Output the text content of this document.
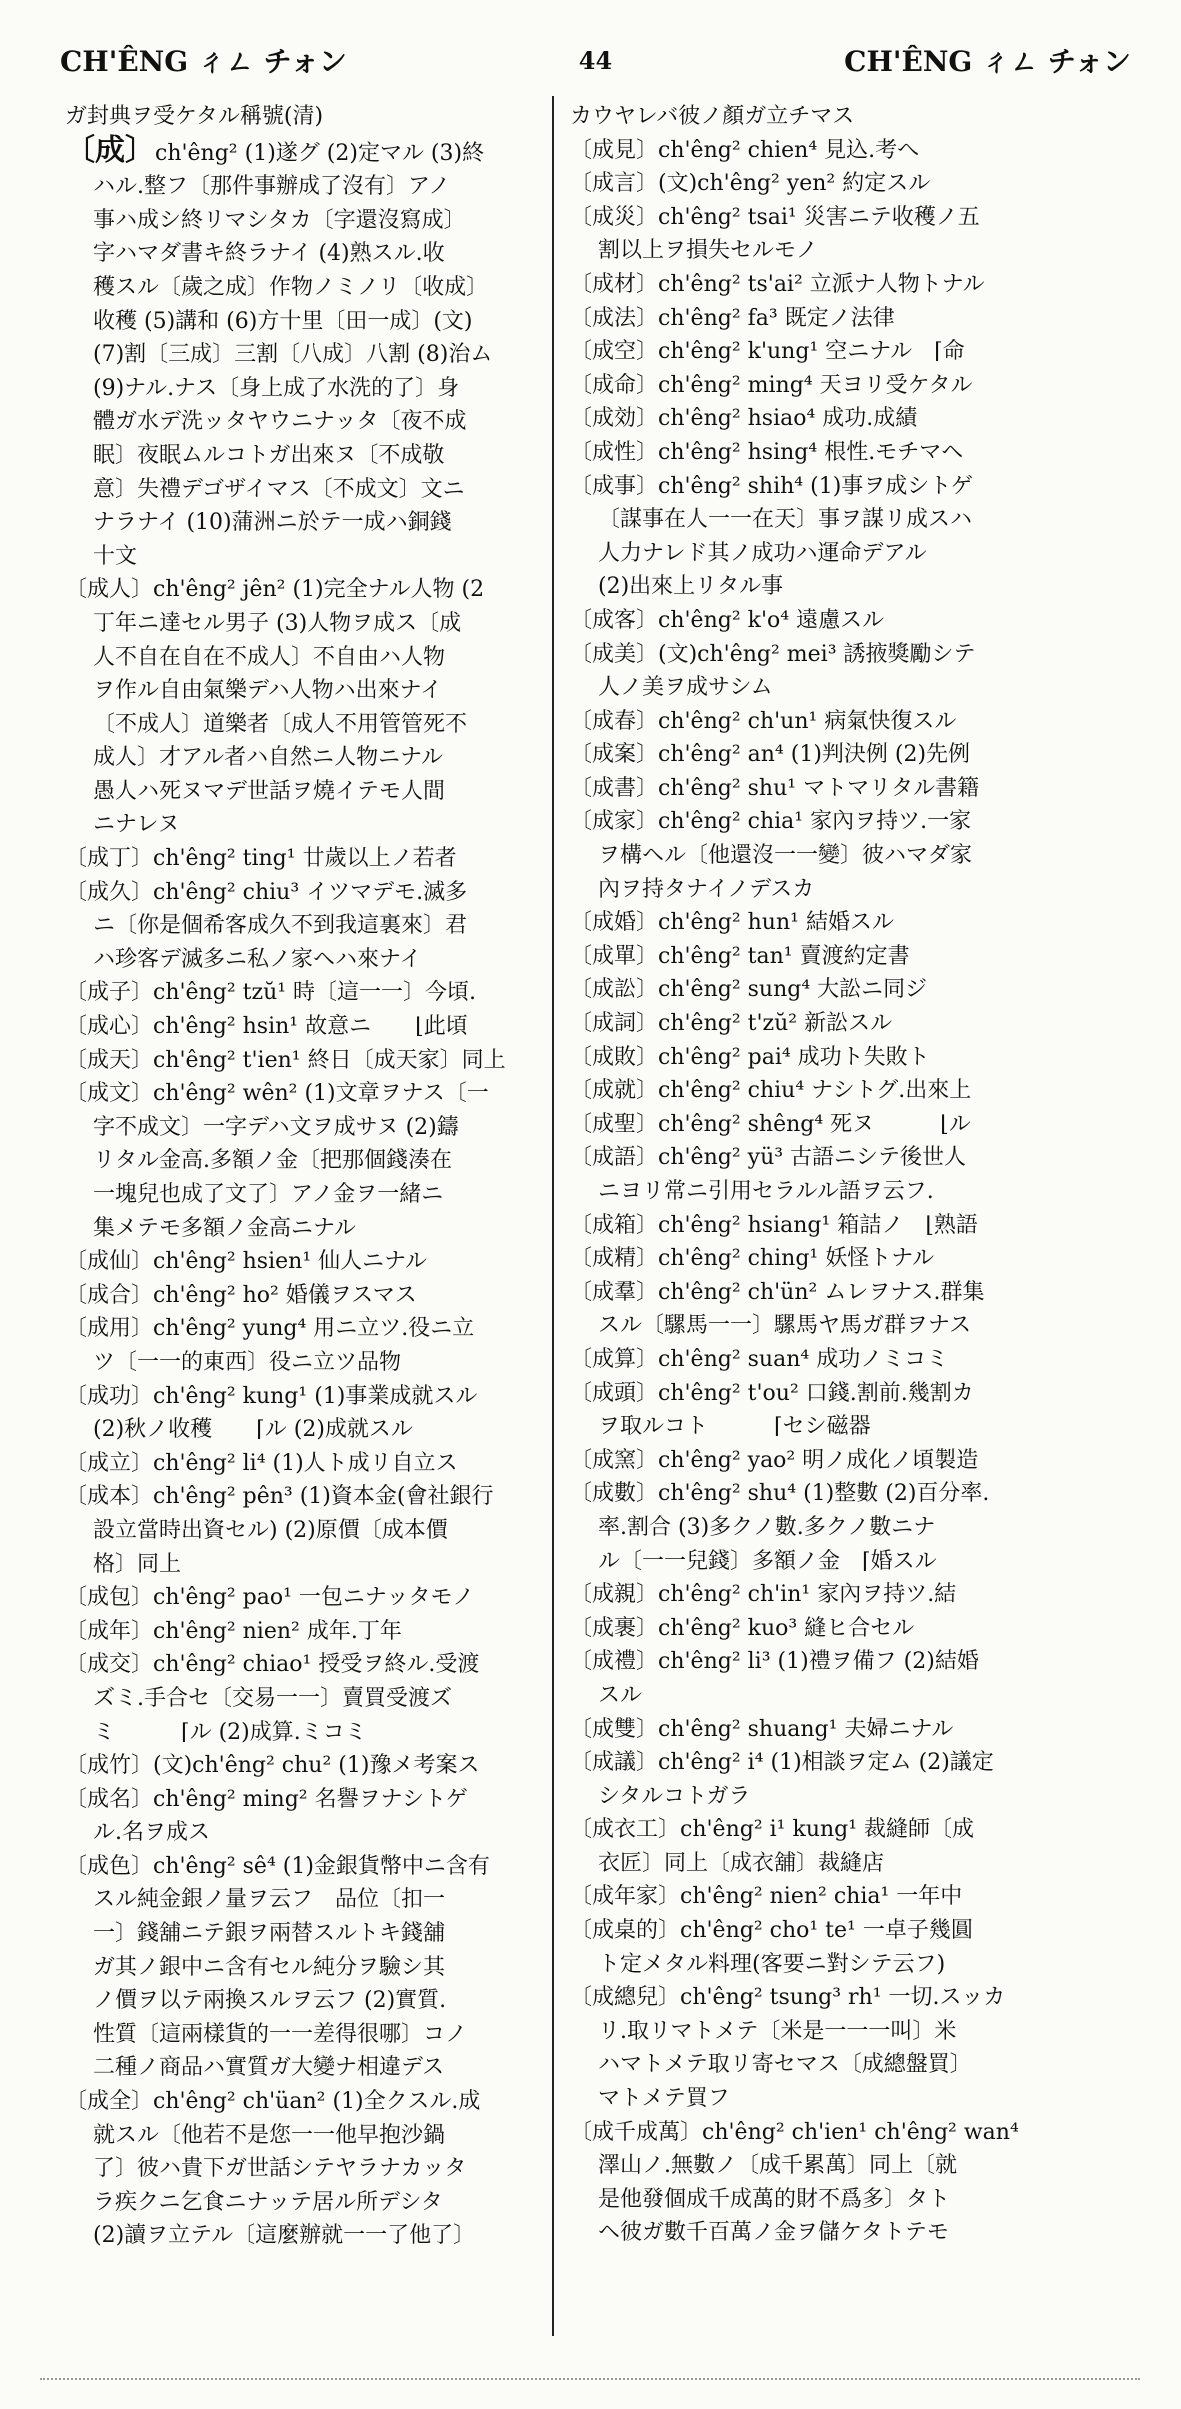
CH'ÊNG ㄔㄥ チォン	44	CH'ÊNG ㄔㄥ チォン
ガ封典ヲ受ケタル稱號(清)
〔成〕ch'êng² (1)遂グ (2)定マル (3)終
ハル.整フ〔那件事辦成了沒有〕アノ
事ハ成シ終リマシタカ〔字還沒寫成〕
字ハマダ書キ終ラナイ (4)熟スル.收
穫スル〔歲之成〕作物ノミノリ〔收成〕
收穫 (5)講和 (6)方十里〔田一成〕(文)
(7)割〔三成〕三割〔八成〕八割 (8)治ム
(9)ナル.ナス〔身上成了水洗的了〕身
體ガ水デ洗ッタヤウニナッタ〔夜不成
眠〕夜眠ムルコトガ出來ヌ〔不成敬
意〕失禮デゴザイマス〔不成文〕文ニ
ナラナイ (10)蒲洲ニ於テ一成ハ銅錢
十文
〔成人〕ch'êng² jên² (1)完全ナル人物 (2
丁年ニ達セル男子 (3)人物ヲ成ス〔成
人不自在自在不成人〕不自由ハ人物
ヲ作ル自由氣樂デハ人物ハ出來ナイ
〔不成人〕道樂者〔成人不用管管死不
成人〕才アル者ハ自然ニ人物ニナル
愚人ハ死ヌマデ世話ヲ燒イテモ人間
ニナレヌ
〔成丁〕ch'êng² ting¹ 廿歲以上ノ若者
〔成久〕ch'êng² chiu³ イツマデモ.滅多
ニ〔你是個希客成久不到我這裏來〕君
ハ珍客デ滅多ニ私ノ家ヘハ來ナイ
〔成子〕ch'êng² tzŭ¹ 時〔這一一〕今頃.
〔成心〕ch'êng² hsin¹ 故意ニ　　⌊此頃
〔成天〕ch'êng² t'ien¹ 終日〔成天家〕同上
〔成文〕ch'êng² wên² (1)文章ヲナス〔一
字不成文〕一字デハ文ヲ成サヌ (2)鑄
リタル金高.多額ノ金〔把那個錢湊在
一塊兒也成了文了〕アノ金ヲ一緒ニ
集メテモ多額ノ金高ニナル
〔成仙〕ch'êng² hsien¹ 仙人ニナル
〔成合〕ch'êng² ho² 婚儀ヲスマス
〔成用〕ch'êng² yung⁴ 用ニ立ツ.役ニ立
ツ〔一一的東西〕役ニ立ツ品物
〔成功〕ch'êng² kung¹ (1)事業成就スル
(2)秋ノ收穫　　⌈ル (2)成就スル
〔成立〕ch'êng² li⁴ (1)人ト成リ自立ス
〔成本〕ch'êng² pên³ (1)資本金(會社銀行
設立當時出資セル) (2)原價〔成本價
格〕同上
〔成包〕ch'êng² pao¹ 一包ニナッタモノ
〔成年〕ch'êng² nien² 成年.丁年
〔成交〕ch'êng² chiao¹ 授受ヲ終ル.受渡
ズミ.手合セ〔交易一一〕賣買受渡ズ
ミ　　　⌈ル (2)成算.ミコミ
〔成竹〕(文)ch'êng² chu² (1)豫メ考案ス
〔成名〕ch'êng² ming² 名譽ヲナシトゲ
ル.名ヲ成ス
〔成色〕ch'êng² sê⁴ (1)金銀貨幣中ニ含有
スル純金銀ノ量ヲ云フ　品位〔扣一
一〕錢舖ニテ銀ヲ兩替スルトキ錢舖
ガ其ノ銀中ニ含有セル純分ヲ驗シ其
ノ價ヲ以テ兩換スルヲ云フ (2)實質.
性質〔這兩樣貨的一一差得很哪〕コノ
二種ノ商品ハ實質ガ大變ナ相違デス
〔成全〕ch'êng² ch'üan² (1)全クスル.成
就スル〔他若不是您一一他早抱沙鍋
了〕彼ハ貴下ガ世話シテヤラナカッタ
ラ疾クニ乞食ニナッテ居ル所デシタ
(2)讀ヲ立テル〔這麼辦就一一了他了〕
カウヤレバ彼ノ顏ガ立チマス
〔成見〕ch'êng² chien⁴ 見込.考へ
〔成言〕(文)ch'êng² yen² 約定スル
〔成災〕ch'êng² tsai¹ 災害ニテ收穫ノ五
割以上ヲ損失セルモノ
〔成材〕ch'êng² ts'ai² 立派ナ人物トナル
〔成法〕ch'êng² fa³ 既定ノ法律
〔成空〕ch'êng² k'ung¹ 空ニナル　⌈命
〔成命〕ch'êng² ming⁴ 天ヨリ受ケタル
〔成効〕ch'êng² hsiao⁴ 成功.成績
〔成性〕ch'êng² hsing⁴ 根性.モチマヘ
〔成事〕ch'êng² shih⁴ (1)事ヲ成シトゲ
〔謀事在人一一在天〕事ヲ謀リ成スハ
人力ナレド其ノ成功ハ運命デアル
(2)出來上リタル事
〔成客〕ch'êng² k'o⁴ 遠慮スル
〔成美〕(文)ch'êng² mei³ 誘掖獎勵シテ
人ノ美ヲ成サシム
〔成春〕ch'êng² ch'un¹ 病氣快復スル
〔成案〕ch'êng² an⁴ (1)判決例 (2)先例
〔成書〕ch'êng² shu¹ マトマリタル書籍
〔成家〕ch'êng² chia¹ 家內ヲ持ツ.一家
ヲ構ヘル〔他還沒一一變〕彼ハマダ家
內ヲ持タナイノデスカ
〔成婚〕ch'êng² hun¹ 結婚スル
〔成單〕ch'êng² tan¹ 賣渡約定書
〔成訟〕ch'êng² sung⁴ 大訟ニ同ジ
〔成詞〕ch'êng² t'zŭ² 新訟スル
〔成敗〕ch'êng² pai⁴ 成功ト失敗ト
〔成就〕ch'êng² chiu⁴ ナシトグ.出來上
〔成聖〕ch'êng² shêng⁴ 死ヌ　　　⌊ル
〔成語〕ch'êng² yü³ 古語ニシテ後世人
ニヨリ常ニ引用セラルル語ヲ云フ.
〔成箱〕ch'êng² hsiang¹ 箱詰ノ　⌊熟語
〔成精〕ch'êng² ching¹ 妖怪トナル
〔成羣〕ch'êng² ch'ün² ムレヲナス.群集
スル〔騾馬一一〕騾馬ヤ馬ガ群ヲナス
〔成算〕ch'êng² suan⁴ 成功ノミコミ
〔成頭〕ch'êng² t'ou² 口錢.割前.幾割カ
ヲ取ルコト　　　⌈セシ磁器
〔成窯〕ch'êng² yao² 明ノ成化ノ頃製造
〔成數〕ch'êng² shu⁴ (1)整數 (2)百分率.
率.割合 (3)多クノ數.多クノ數ニナ
ル〔一一兒錢〕多額ノ金　⌈婚スル
〔成親〕ch'êng² ch'in¹ 家內ヲ持ツ.結
〔成裹〕ch'êng² kuo³ 縫ヒ合セル
〔成禮〕ch'êng² li³ (1)禮ヲ備フ (2)結婚
スル
〔成雙〕ch'êng² shuang¹ 夫婦ニナル
〔成議〕ch'êng² i⁴ (1)相談ヲ定ム (2)議定
シタルコトガラ
〔成衣工〕ch'êng² i¹ kung¹ 裁縫師〔成
衣匠〕同上〔成衣舖〕裁縫店
〔成年家〕ch'êng² nien² chia¹ 一年中
〔成桌的〕ch'êng² cho¹ te¹ 一卓子幾圓
ト定メタル料理(客要ニ對シテ云フ)
〔成總兒〕ch'êng² tsung³ rh¹ 一切.スッカ
リ.取リマトメテ〔米是一一一叫〕米
ハマトメテ取リ寄セマス〔成總盤買〕
マトメテ買フ
〔成千成萬〕ch'êng² ch'ien¹ ch'êng² wan⁴
澤山ノ.無數ノ〔成千累萬〕同上〔就
是他發個成千成萬的財不爲多〕タト
ヘ彼ガ數千百萬ノ金ヲ儲ケタトテモ
